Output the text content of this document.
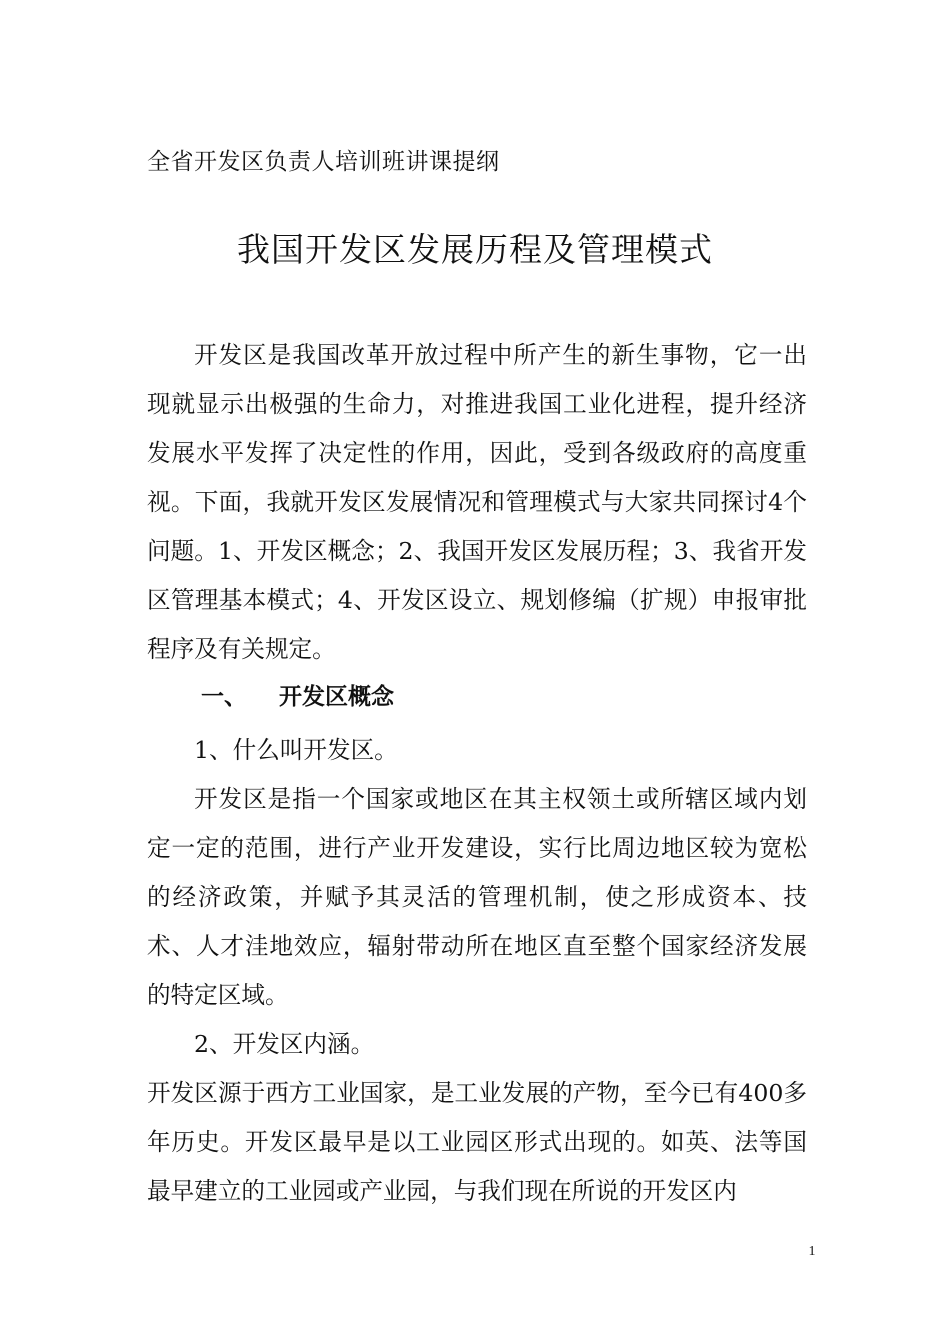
全省开发区负责人培训班讲课提纲
我国开发区发展历程及管理模式

开发区是我国改革开放过程中所产生的新生事物，它一出现就显示出极强的生命力，对推进我国工业化进程，提升经济发展水平发挥了决定性的作用，因此，受到各级政府的高度重视。下面，我就开发区发展情况和管理模式与大家共同探讨4个问题。1、开发区概念；2、我国开发区发展历程；3、我省开发区管理基本模式；4、开发区设立、规划修编（扩规）申报审批程序及有关规定。

一、 开发区概念

1、什么叫开发区。

开发区是指一个国家或地区在其主权领土或所辖区域内划定一定的范围，进行产业开发建设，实行比周边地区较为宽松的经济政策，并赋予其灵活的管理机制，使之形成资本、技术、人才洼地效应，辐射带动所在地区直至整个国家经济发展的特定区域。

2、开发区内涵。

开发区源于西方工业国家，是工业发展的产物，至今已有400多年历史。开发区最早是以工业园区形式出现的。如英、法等国最早建立的工业园或产业园，与我们现在所说的开发区内

1
